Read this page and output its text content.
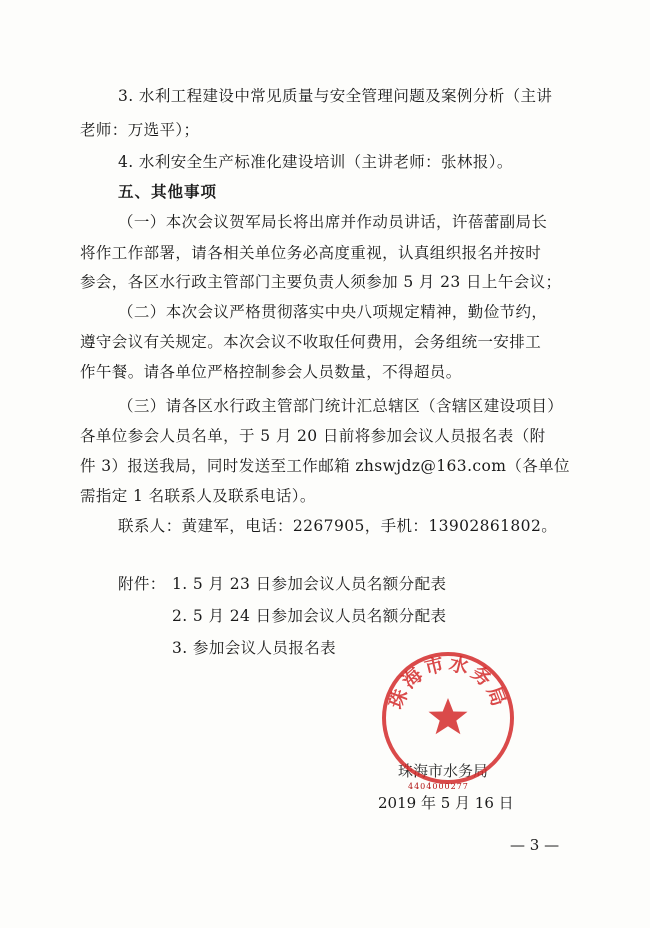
3. 水利工程建设中常见质量与安全管理问题及案例分析（主讲
老师：万选平）；
4. 水利安全生产标准化建设培训（主讲老师：张林报）。
五、其他事项
（一）本次会议贺军局长将出席并作动员讲话，许蓓蕾副局长
将作工作部署，请各相关单位务必高度重视，认真组织报名并按时
参会，各区水行政主管部门主要负责人须参加 5 月 23 日上午会议；
（二）本次会议严格贯彻落实中央八项规定精神，勤俭节约，
遵守会议有关规定。本次会议不收取任何费用，会务组统一安排工
作午餐。请各单位严格控制参会人员数量，不得超员。
（三）请各区水行政主管部门统计汇总辖区（含辖区建设项目）
各单位参会人员名单，于 5 月 20 日前将参加会议人员报名表（附
件 3）报送我局，同时发送至工作邮箱 zhswjdz@163.com（各单位
需指定 1 名联系人及联系电话）。
联系人：黄建军，电话：2267905，手机：13902861802。
附件： 1. 5 月 23 日参加会议人员名额分配表
2. 5 月 24 日参加会议人员名额分配表
3. 参加会议人员报名表
珠海市水务局
珠海市水务局
4404000277
2019 年 5 月 16 日
— 3 —
